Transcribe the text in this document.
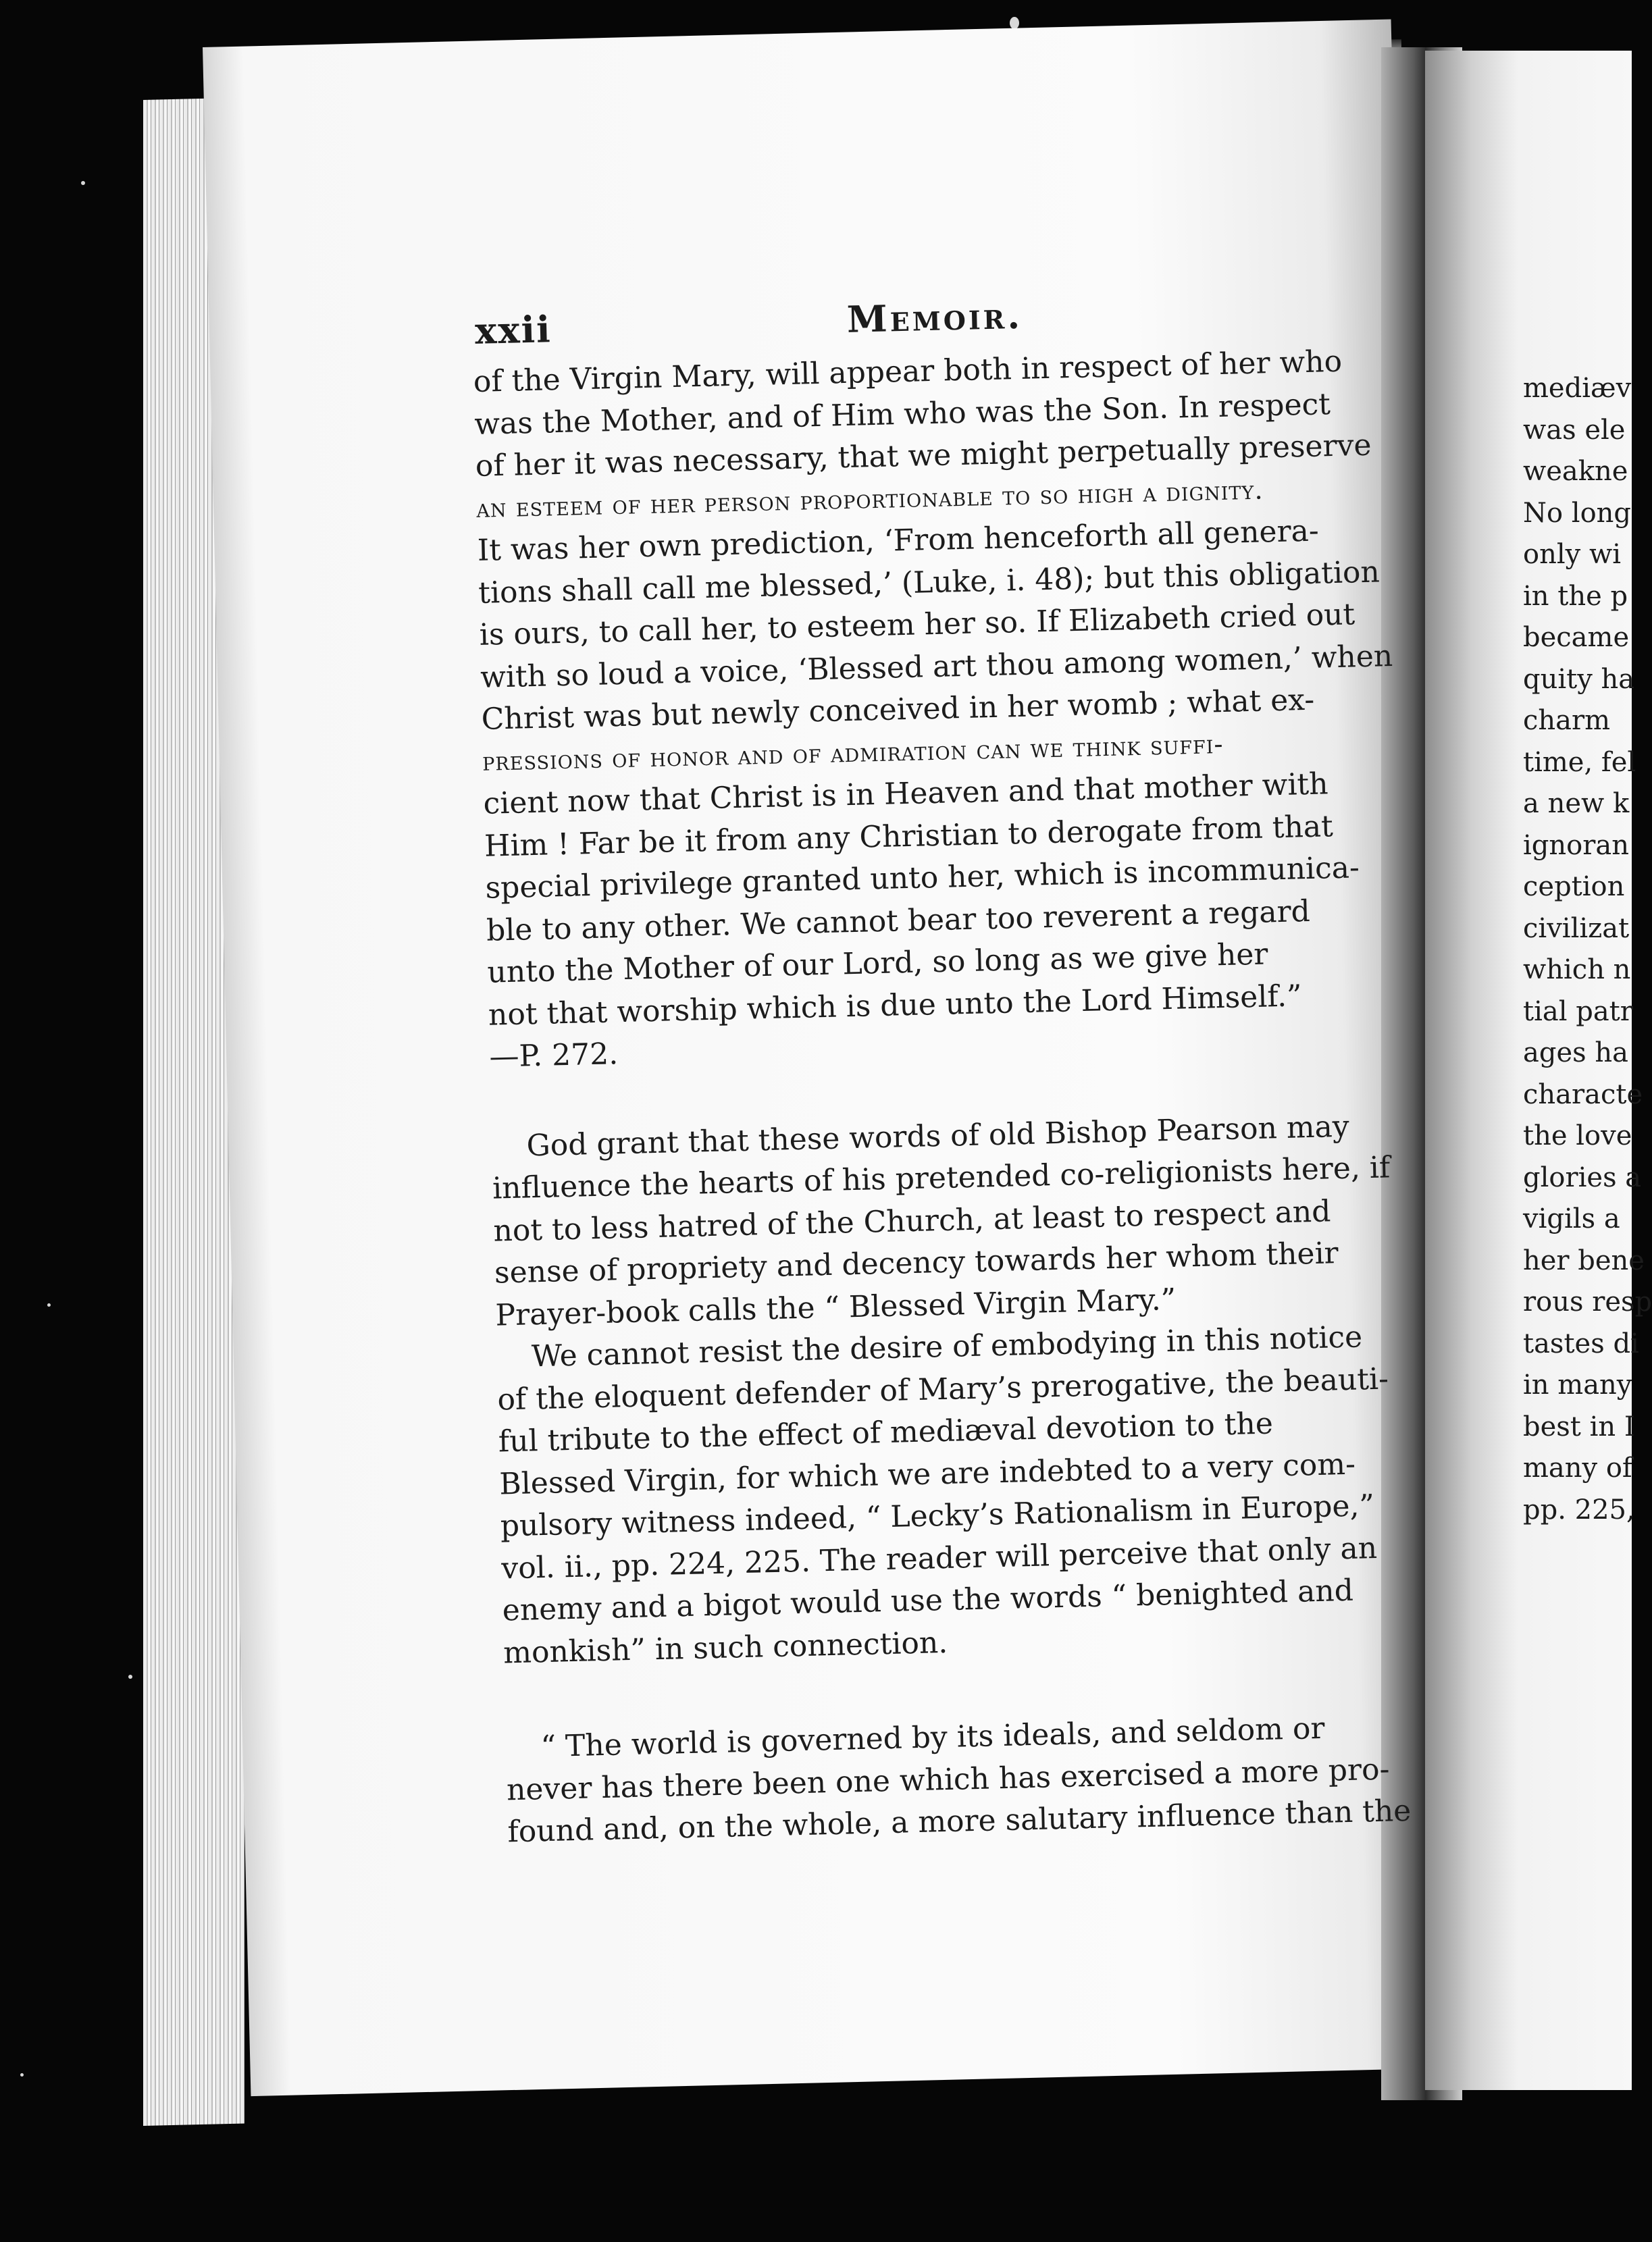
xxii	Memoir.
of the Virgin Mary, will appear both in respect of her who
was the Mother, and of Him who was the Son. In respect
of her it was necessary, that we might perpetually preserve
an esteem of her person proportionable to so high a dignity.
It was her own prediction, ‘From henceforth all genera-
tions shall call me blessed,’ (Luke, i. 48); but this obligation
is ours, to call her, to esteem her so. If Elizabeth cried out
with so loud a voice, ‘Blessed art thou among women,’ when
Christ was but newly conceived in her womb ; what ex-
pressions of honor and of admiration can we think suffi-
cient now that Christ is in Heaven and that mother with
Him ! Far be it from any Christian to derogate from that
special privilege granted unto her, which is incommunica-
ble to any other. We cannot bear too reverent a regard
unto the Mother of our Lord, so long as we give her
not that worship which is due unto the Lord Himself.”
—P. 272.
God grant that these words of old Bishop Pearson may
influence the hearts of his pretended co-religionists here, if
not to less hatred of the Church, at least to respect and
sense of propriety and decency towards her whom their
Prayer-book calls the “ Blessed Virgin Mary.”
We cannot resist the desire of embodying in this notice
of the eloquent defender of Mary’s prerogative, the beauti-
ful tribute to the effect of mediæval devotion to the
Blessed Virgin, for which we are indebted to a very com-
pulsory witness indeed, “ Lecky’s Rationalism in Europe,”
vol. ii., pp. 224, 225. The reader will perceive that only an
enemy and a bigot would use the words “ benighted and
monkish” in such connection.
“ The world is governed by its ideals, and seldom or
never has there been one which has exercised a more pro-
found and, on the whole, a more salutary influence than the
mediæv
was ele
weakne
No long
only wi
in the p
became
quity ha
charm
time, fel
a new k
ignoran
ception
civilizat
which n
tial patr
ages ha
characte
the love
glories a
vigils a
her bene
rous resp
tastes di
in many
best in I
many of
pp. 225,
